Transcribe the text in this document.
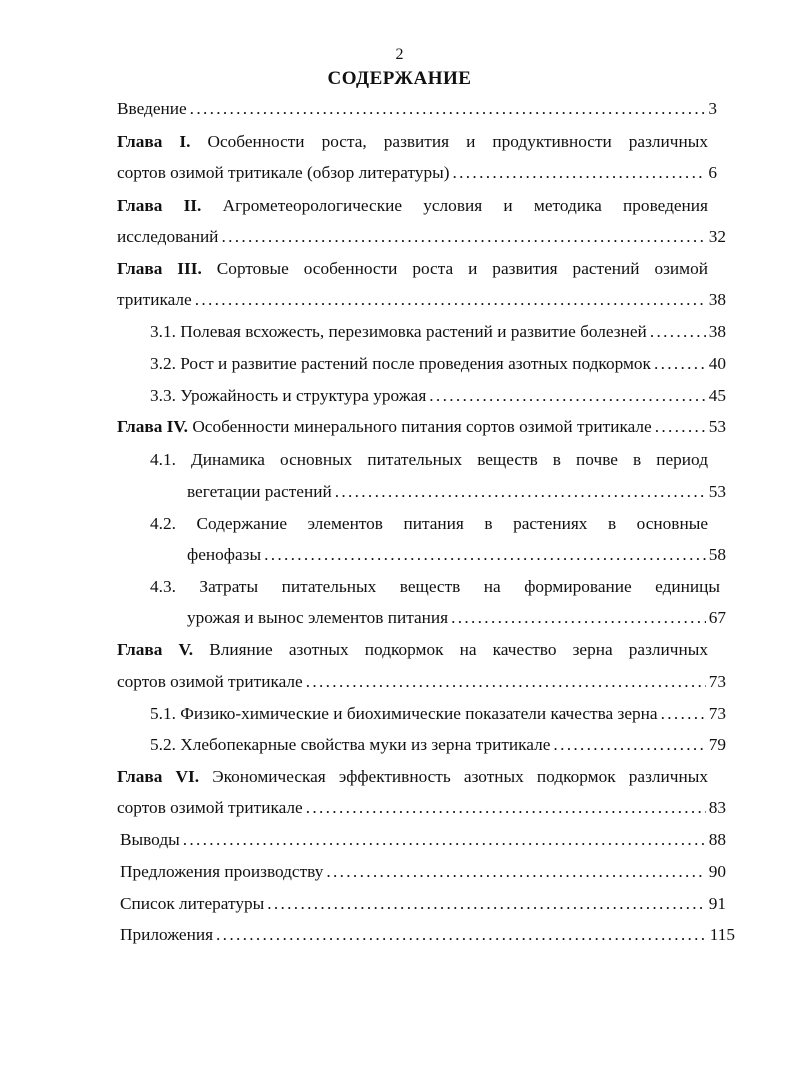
2
СОДЕРЖАНИЕ
Введение . . .	3
Глава I. Особенности роста, развития и продуктивности различных
сортов озимой тритикале (обзор литературы) . . .	6
Глава II. Агрометеорологические условия и методика проведения
исследований . . .	32
Глава III. Сортовые особенности роста и развития растений озимой
тритикале . . .	38
3.1. Полевая всхожесть, перезимовка растений и развитие болезней . . .	38
3.2. Рост и развитие растений после проведения азотных подкормок . . .	40
3.3. Урожайность и структура урожая . . .	45
Глава IV. Особенности минерального питания сортов озимой тритикале . . .	53
4.1. Динамика основных питательных веществ в почве в период
вегетации растений . . .	53
4.2. Содержание элементов питания в растениях в основные
фенофазы . . .	58
4.3. Затраты питательных веществ на формирование единицы
урожая и вынос элементов питания . . .	67
Глава V. Влияние азотных подкормок на качество зерна различных
сортов озимой тритикале . . .	73
5.1. Физико-химические и биохимические показатели качества зерна . . .	73
5.2. Хлебопекарные свойства муки из зерна тритикале . . .	79
Глава VI. Экономическая эффективность азотных подкормок различных
сортов озимой тритикале . . .	83
Выводы . . .	88
Предложения производству . . .	90
Список литературы . . .	91
Приложения . . .	115
